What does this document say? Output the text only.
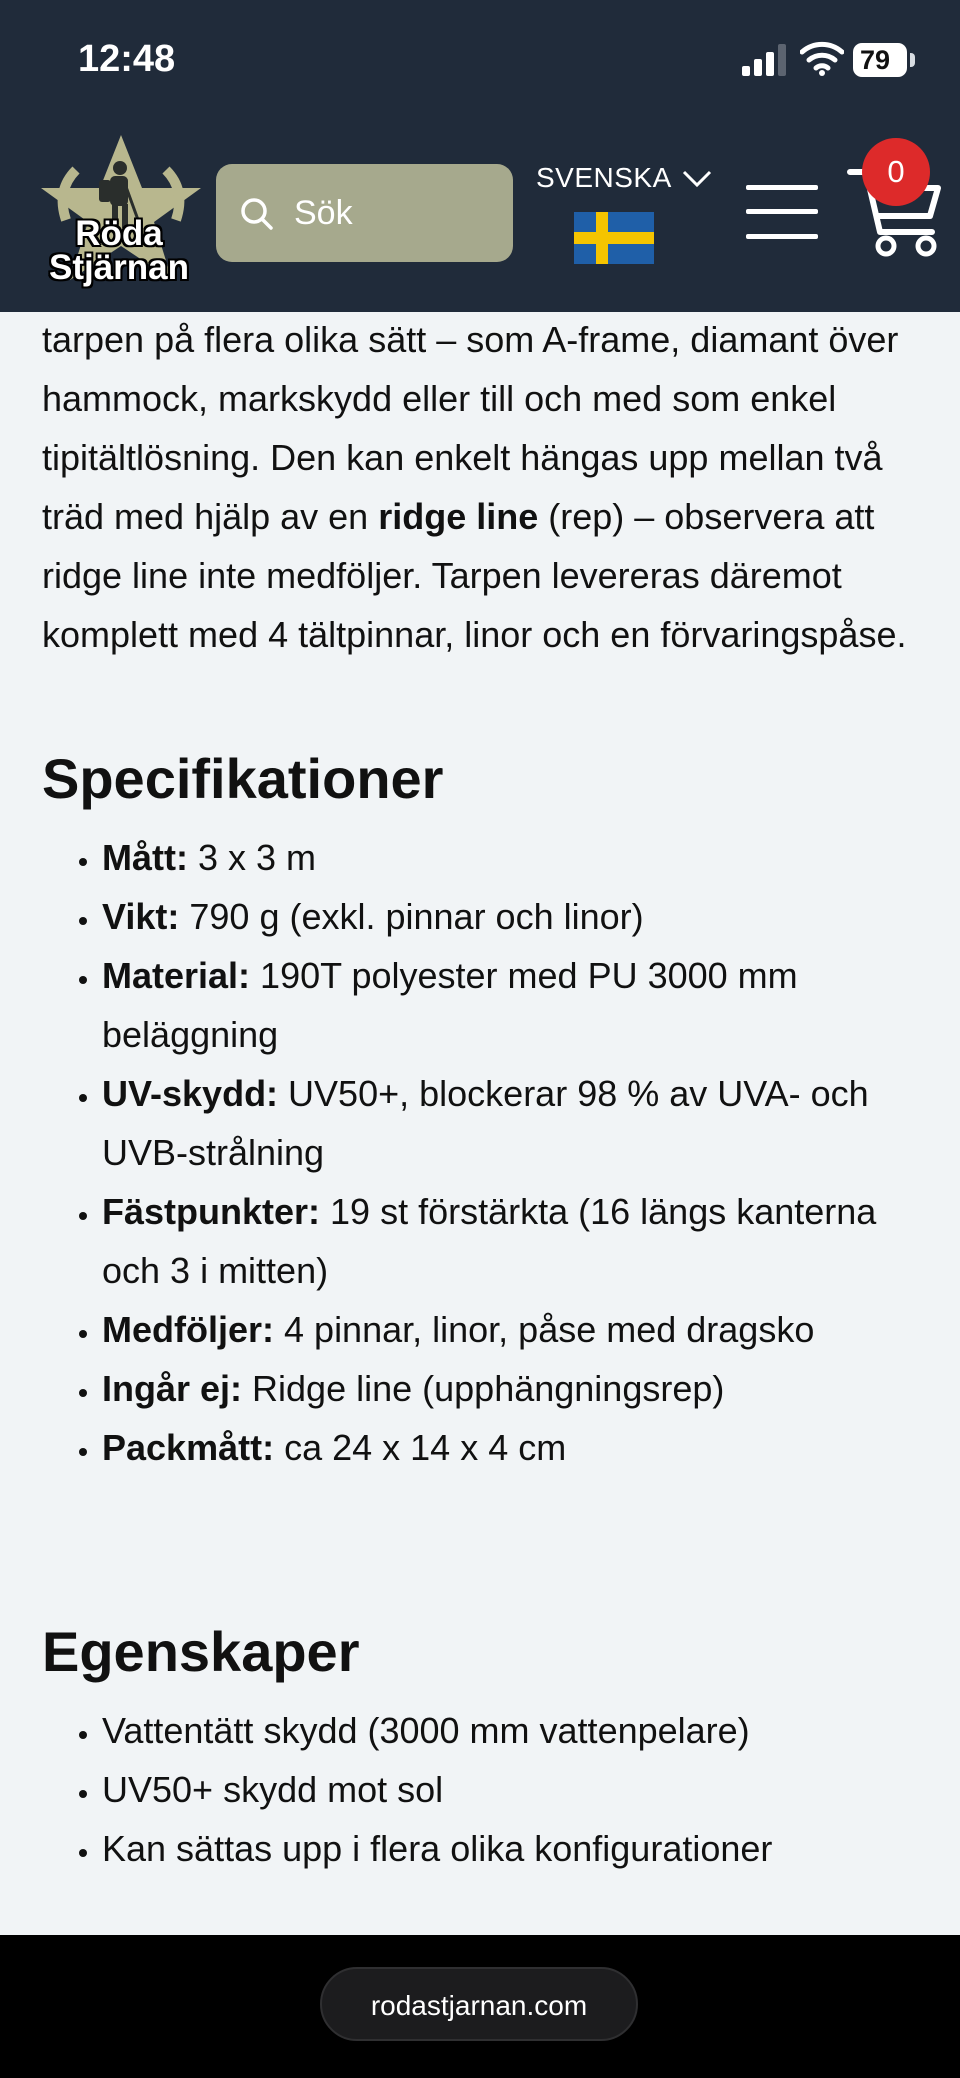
12:48	79
Röda
Stjärnan
Sök
SVENSKA	0

tarpen på flera olika sätt – som A-frame, diamant över hammock, markskydd eller till och med som enkel tipitältlösning. Den kan enkelt hängas upp mellan två träd med hjälp av en ridge line (rep) – observera att ridge line inte medföljer. Tarpen levereras däremot komplett med 4 tältpinnar, linor och en förvaringspåse.

Specifikationer
• Mått: 3 x 3 m
• Vikt: 790 g (exkl. pinnar och linor)
• Material: 190T polyester med PU 3000 mm beläggning
• UV-skydd: UV50+, blockerar 98 % av UVA- och UVB-strålning
• Fästpunkter: 19 st förstärkta (16 längs kanterna och 3 i mitten)
• Medföljer: 4 pinnar, linor, påse med dragsko
• Ingår ej: Ridge line (upphängningsrep)
• Packmått: ca 24 x 14 x 4 cm
Egenskaper
• Vattentätt skydd (3000 mm vattenpelare)
• UV50+ skydd mot sol
• Kan sättas upp i flera olika konfigurationer
rodastjarnan.com
